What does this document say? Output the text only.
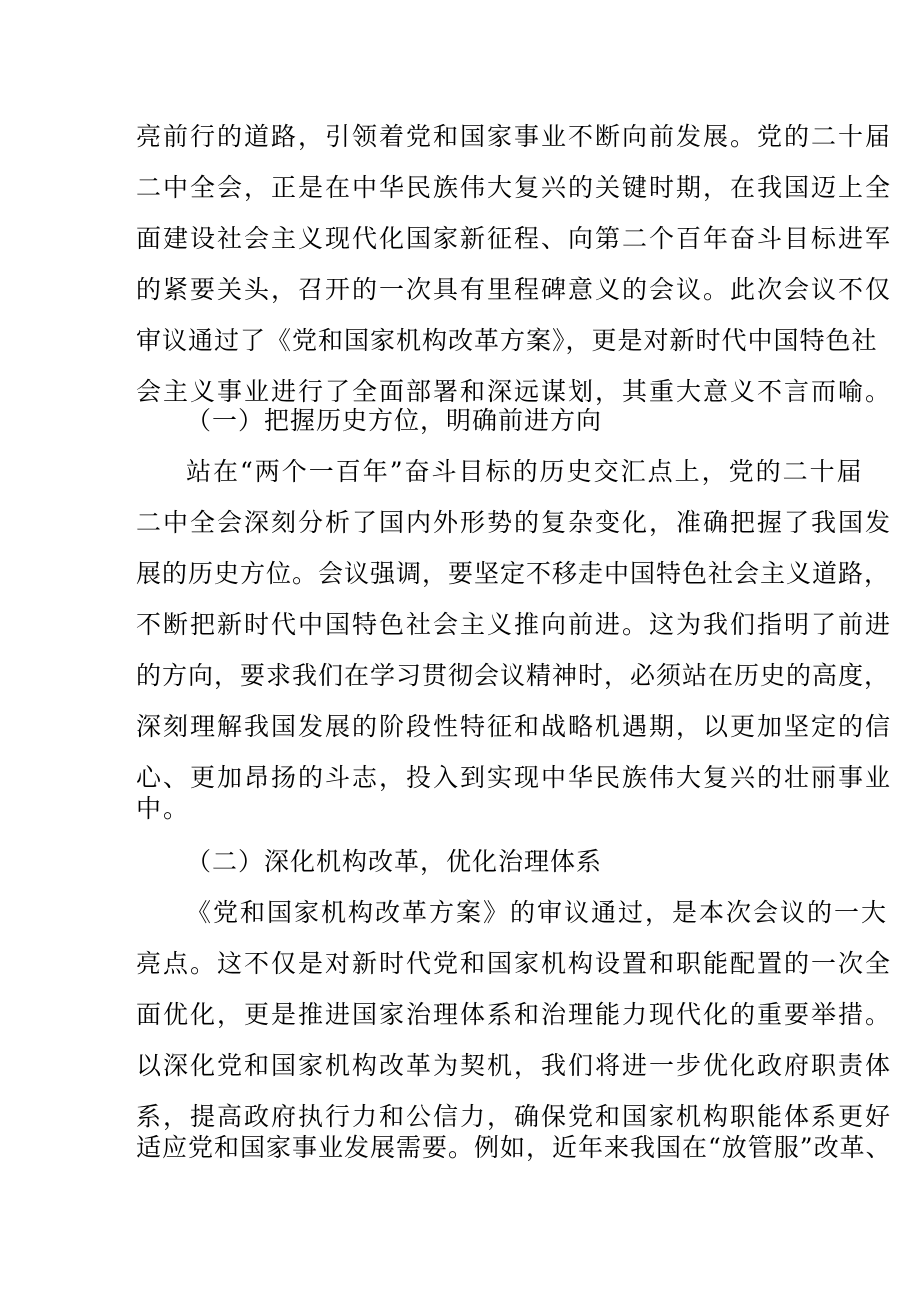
亮前行的道路，引领着党和国家事业不断向前发展。党的二十届
二中全会，正是在中华民族伟大复兴的关键时期，在我国迈上全
面建设社会主义现代化国家新征程、向第二个百年奋斗目标进军
的紧要关头，召开的一次具有里程碑意义的会议。此次会议不仅
审议通过了《党和国家机构改革方案》，更是对新时代中国特色社
会主义事业进行了全面部署和深远谋划，其重大意义不言而喻。
（一）把握历史方位，明确前进方向
站在“两个一百年”奋斗目标的历史交汇点上，党的二十届
二中全会深刻分析了国内外形势的复杂变化，准确把握了我国发
展的历史方位。会议强调，要坚定不移走中国特色社会主义道路，
不断把新时代中国特色社会主义推向前进。这为我们指明了前进
的方向，要求我们在学习贯彻会议精神时，必须站在历史的高度，
深刻理解我国发展的阶段性特征和战略机遇期，以更加坚定的信
心、更加昂扬的斗志，投入到实现中华民族伟大复兴的壮丽事业
中。
（二）深化机构改革，优化治理体系
《党和国家机构改革方案》的审议通过，是本次会议的一大
亮点。这不仅是对新时代党和国家机构设置和职能配置的一次全
面优化，更是推进国家治理体系和治理能力现代化的重要举措。
以深化党和国家机构改革为契机，我们将进一步优化政府职责体
系，提高政府执行力和公信力，确保党和国家机构职能体系更好
适应党和国家事业发展需要。例如，近年来我国在“放管服”改革、
